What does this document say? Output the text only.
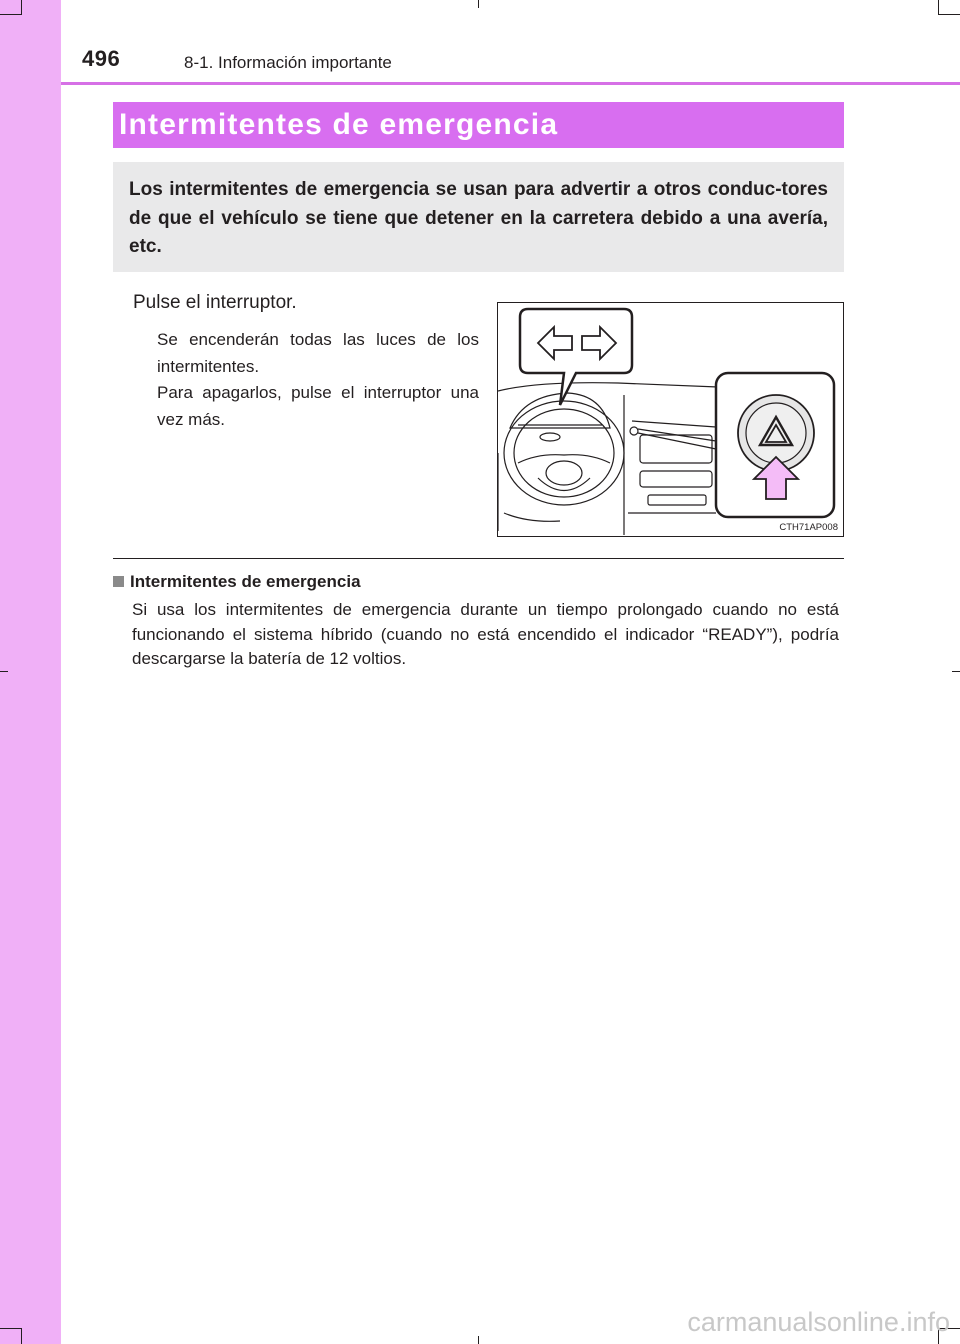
496	8-1. Información importante
Intermitentes de emergencia

Los intermitentes de emergencia se usan para advertir a otros conduc-tores de que el vehículo se tiene que detener en la carretera debido a una avería, etc.

Pulse el interruptor.

Se encenderán todas las luces de los intermitentes.
Para apagarlos, pulse el interruptor una vez más.

CTH71AP008

Intermitentes de emergencia

Si usa los intermitentes de emergencia durante un tiempo prolongado cuando no está funcionando el sistema híbrido (cuando no está encendido el indicador “READY”), podría descargarse la batería de 12 voltios.

carmanualsonline.info
